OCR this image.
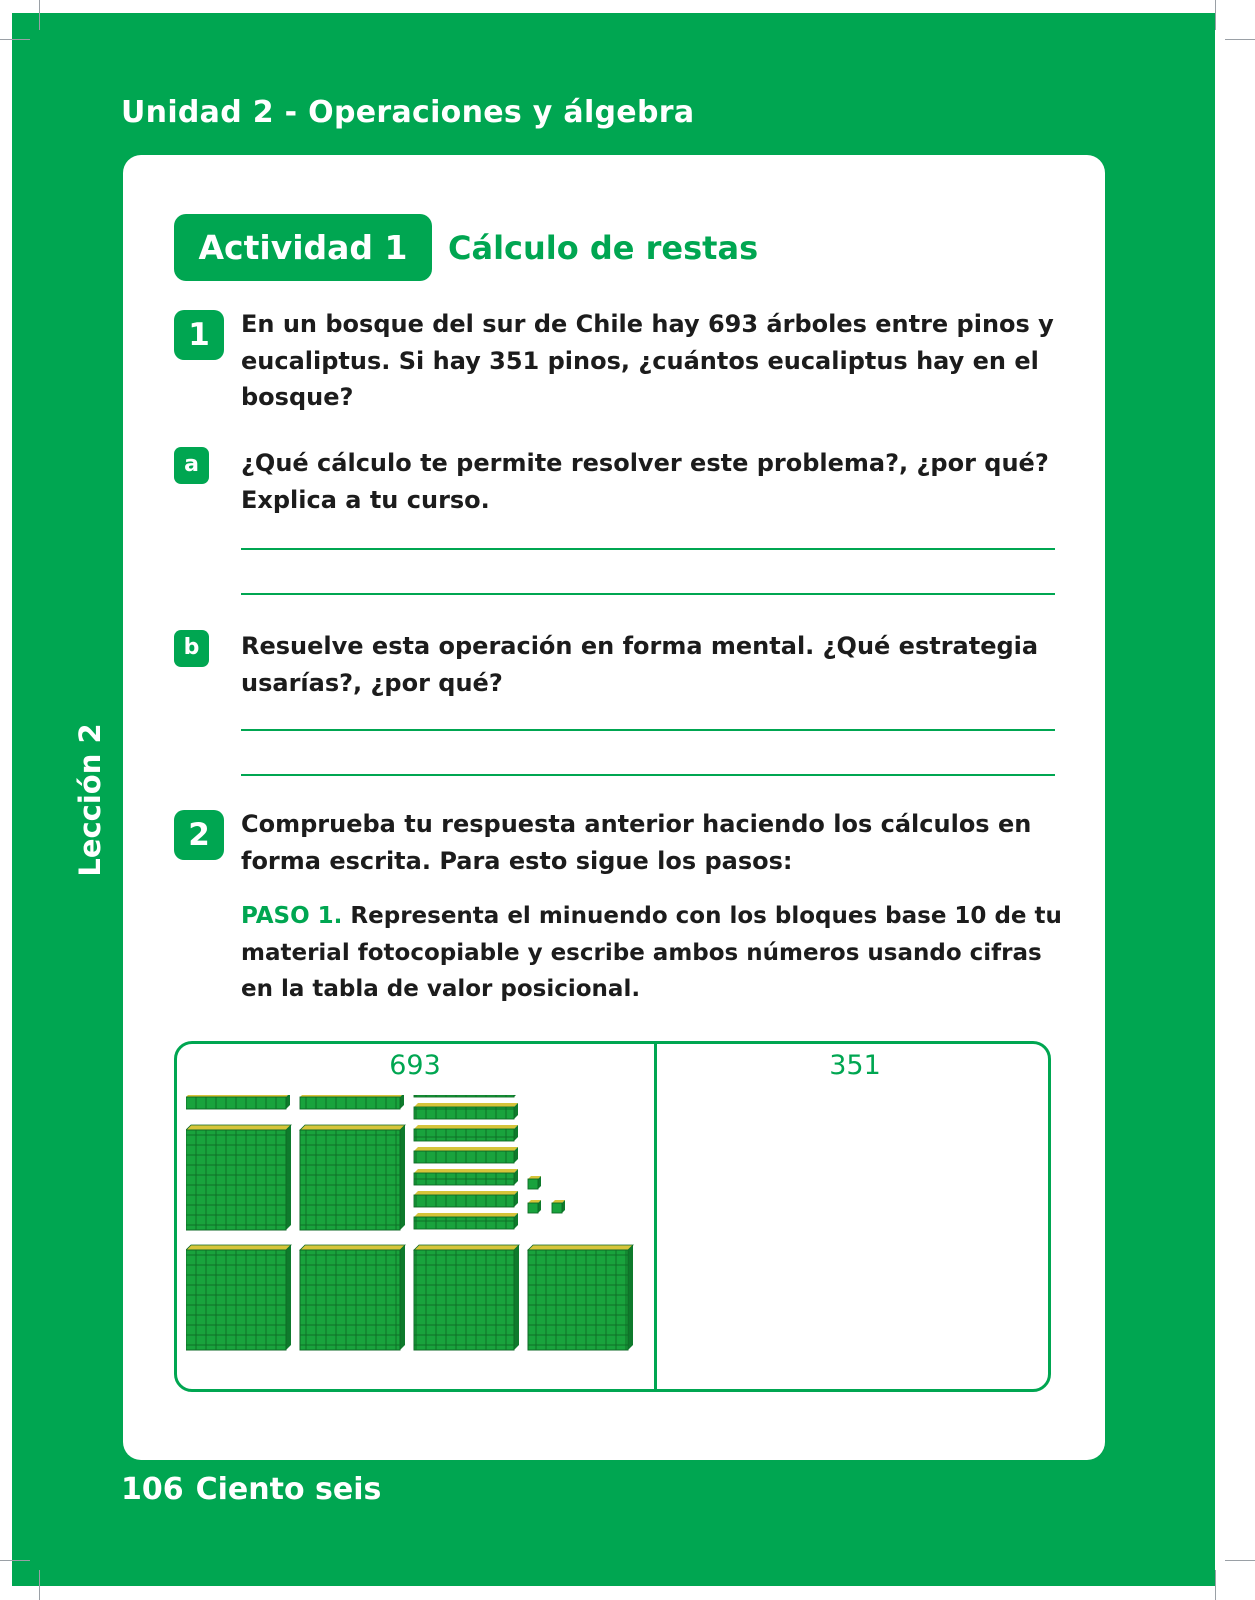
Unidad 2 - Operaciones y álgebra
Lección 2
Actividad 1	Cálculo de restas
1	En un bosque del sur de Chile hay 693 árboles entre pinos y eucaliptus. Si hay 351 pinos, ¿cuántos eucaliptus hay en el bosque?
a	¿Qué cálculo te permite resolver este problema?, ¿por qué? Explica a tu curso.
b	Resuelve esta operación en forma mental. ¿Qué estrategia usarías?, ¿por qué?
2	Comprueba tu respuesta anterior haciendo los cálculos en forma escrita. Para esto sigue los pasos:
PASO 1. Representa el minuendo con los bloques base 10 de tu material fotocopiable y escribe ambos números usando cifras en la tabla de valor posicional.
693	351
106 Ciento seis
